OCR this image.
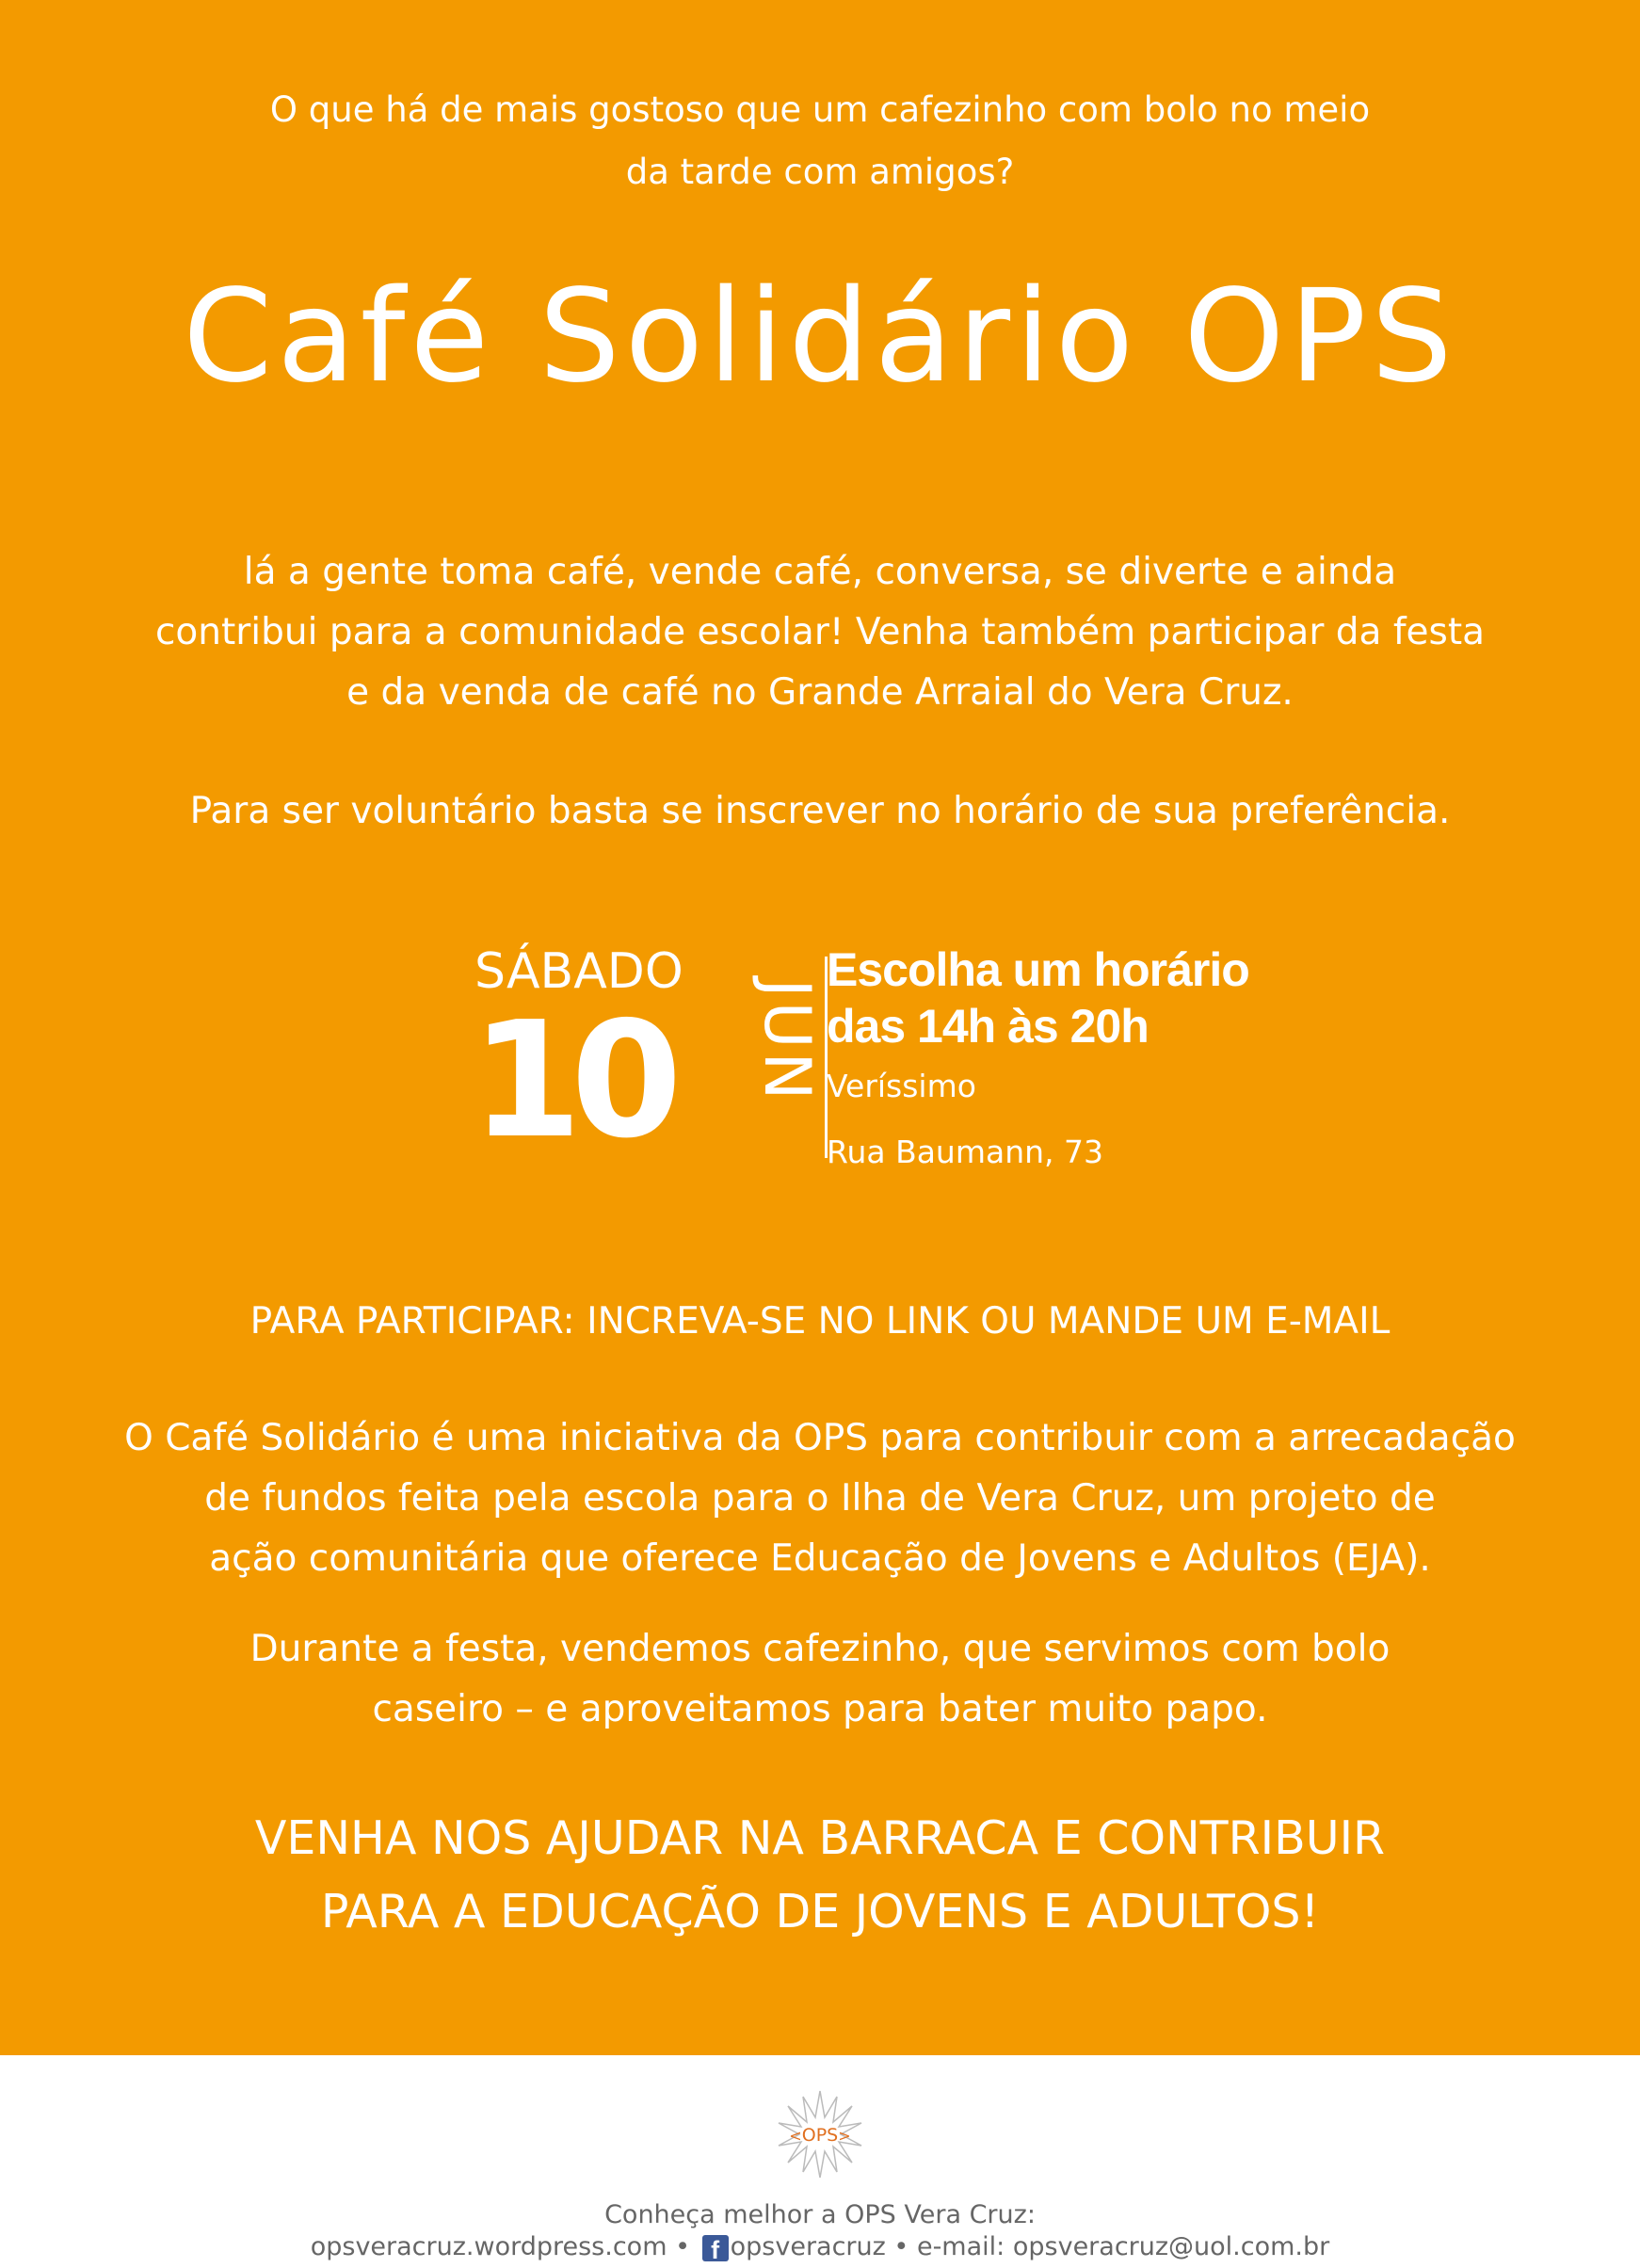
O que há de mais gostoso que um cafezinho com bolo no meio
da tarde com amigos?
Café Solidário OPS
lá a gente toma café, vende café, conversa, se diverte e ainda
contribui para a comunidade escolar! Venha também participar da festa
e da venda de café no Grande Arraial do Vera Cruz.
Para ser voluntário basta se inscrever no horário de sua preferência.
SÁBADO
10 JUN
Escolha um horário
das 14h às 20h
Veríssimo
Rua Baumann, 73
PARA PARTICIPAR: INCREVA-SE NO LINK OU MANDE UM E-MAIL
O Café Solidário é uma iniciativa da OPS para contribuir com a arrecadação
de fundos feita pela escola para o Ilha de Vera Cruz, um projeto de
ação comunitária que oferece Educação de Jovens e Adultos (EJA).
Durante a festa, vendemos cafezinho, que servimos com bolo
caseiro – e aproveitamos para bater muito papo.
VENHA NOS AJUDAR NA BARRACA E CONTRIBUIR
PARA A EDUCAÇÃO DE JOVENS E ADULTOS!
OPS
< >
Conheça melhor a OPS Vera Cruz:
opsveracruz.wordpress.com • f opsveracruz • e-mail: opsveracruz@uol.com.br
